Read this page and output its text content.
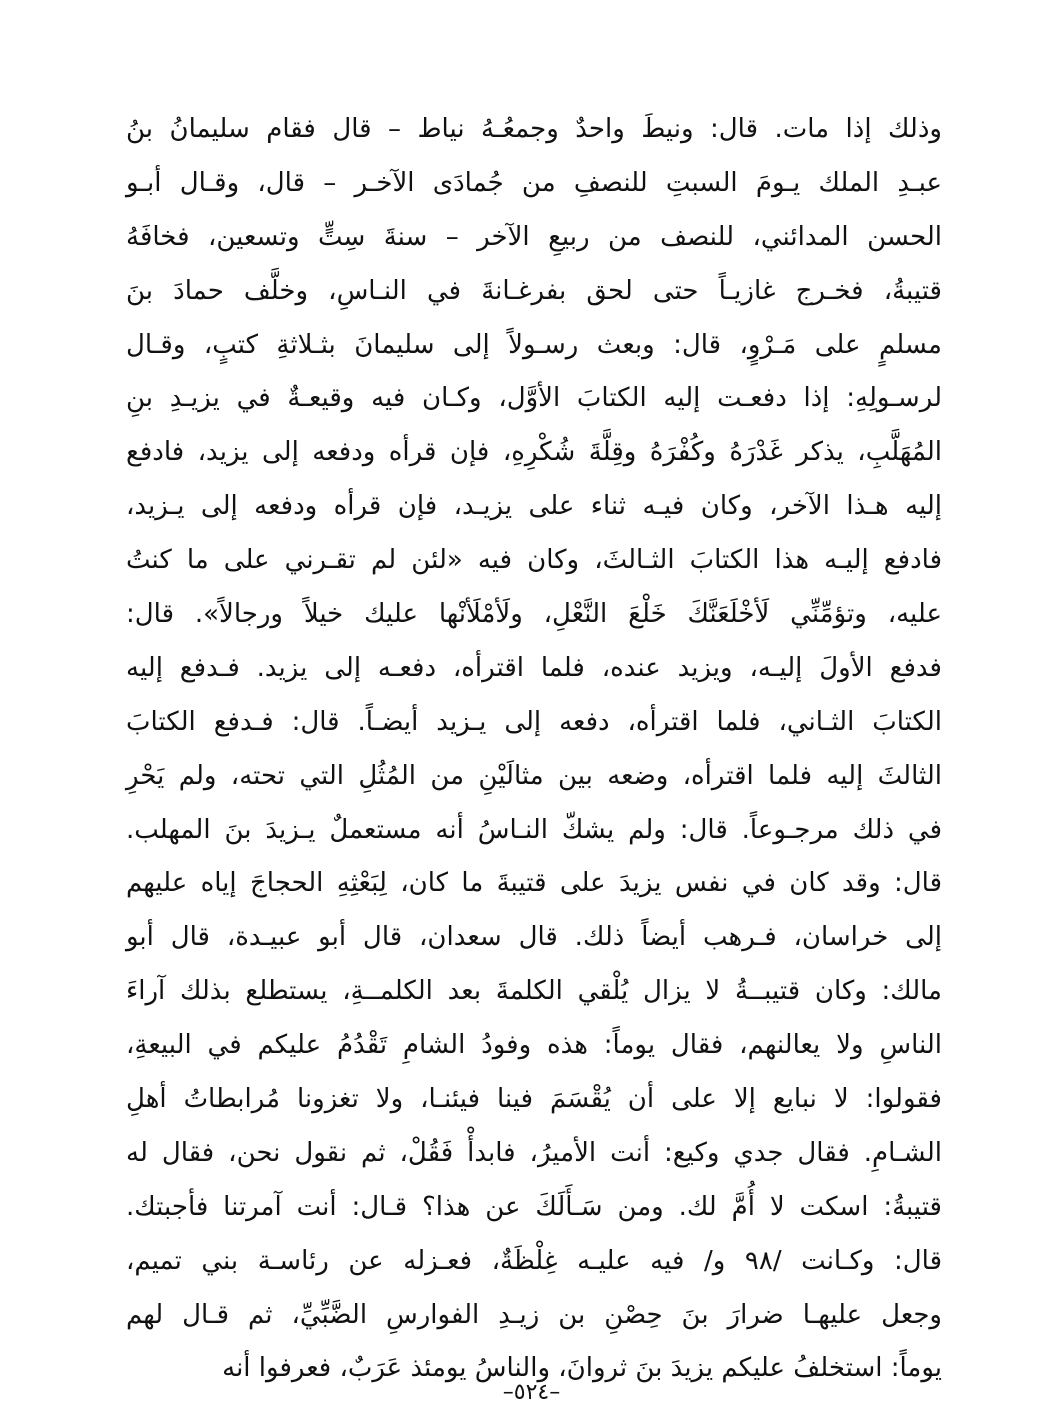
وذلك إذا مات. قال: ونيطَ واحدٌ وجمعُـهُ نياط – قال فقام سليمانُ بنُ
عبـدِ الملك يـومَ السبتِ للنصفِ من جُمادَى الآخـر – قال، وقـال أبـو
الحسن المدائني، للنصف من ربيعِ الآخر – سنةَ سِتٍّ وتسعين، فخافَهُ
قتيبةُ، فخـرج غازيـاً حتى لحق بفرغـانةَ في النـاسِ، وخلَّف حمادَ بنَ
مسلمٍ على مَـرْوٍ، قال: وبعث رسـولاً إلى سليمانَ بثـلاثةِ كتبٍ، وقـال
لرسـولِهِ: إذا دفعـت إليه الكتابَ الأوَّل، وكـان فيه وقيعـةٌ في يزيـدِ بنِ
المُهَلَّبِ، يذكر غَدْرَهُ وكُفْرَهُ وقِلَّةَ شُكْرِهِ، فإن قرأه ودفعه إلى يزيد، فادفع
إليه هـذا الآخر، وكان فيـه ثناء على يزيـد، فإن قرأه ودفعه إلى يـزيد،
فادفع إليـه هذا الكتابَ الثـالثَ، وكان فيه «لئن لم تقـرني على ما كنتُ
عليه، وتؤمِّنِّي لَأخْلَعَنَّكَ خَلْعَ النَّعْلِ، ولَأمْلَأنْها عليك خيلاً ورجالاً». قال:
فدفع الأولَ إليـه، ويزيد عنده، فلما اقترأه، دفعـه إلى يزيد. فـدفع إليه
الكتابَ الثـاني، فلما اقترأه، دفعه إلى يـزيد أيضـاً. قال: فـدفع الكتابَ
الثالثَ إليه فلما اقترأه، وضعه بين مثالَيْنِ من المُثُلِ التي تحته، ولم يَحْرِ
في ذلك مرجـوعاً. قال: ولم يشكّ النـاسُ أنه مستعملٌ يـزيدَ بنَ المهلب.
قال: وقد كان في نفس يزيدَ على قتيبةَ ما كان، لِبَعْثِهِ الحجاجَ إياه عليهم
إلى خراسان، فـرهب أيضاً ذلك. قال سعدان، قال أبو عبيـدة، قال أبو
مالك: وكان قتيبــةُ لا يزال يُلْقي الكلمةَ بعد الكلمــةِ، يستطلع بذلك آراءَ
الناسِ ولا يعالنهم، فقال يوماً: هذه وفودُ الشامِ تَقْدُمُ عليكم في البيعةِ،
فقولوا: لا نبايع إلا على أن يُقْسَمَ فينا فيئنـا، ولا تغزونا مُرابطاتُ أهلِ
الشـامِ. فقال جدي وكيع: أنت الأميرُ، فابدأْ فَقُلْ، ثم نقول نحن، فقال له
قتيبةُ: اسكت لا أُمَّ لك. ومن سَـأَلَكَ عن هذا؟ قـال: أنت آمرتنا فأجبتك.
قال: وكـانت /٩٨ و/ فيه عليـه غِلْظَةٌ، فعـزله عن رئاسـة بني تميم،
وجعل عليهـا ضرارَ بنَ حِصْنِ بن زيـدِ الفوارسِ الضَّبِّيِّ، ثم قـال لهم
يوماً: استخلفُ عليكم يزيدَ بنَ ثروانَ، والناسُ يومئذ عَرَبٌ، فعرفوا أنه
–٥٢٤–
